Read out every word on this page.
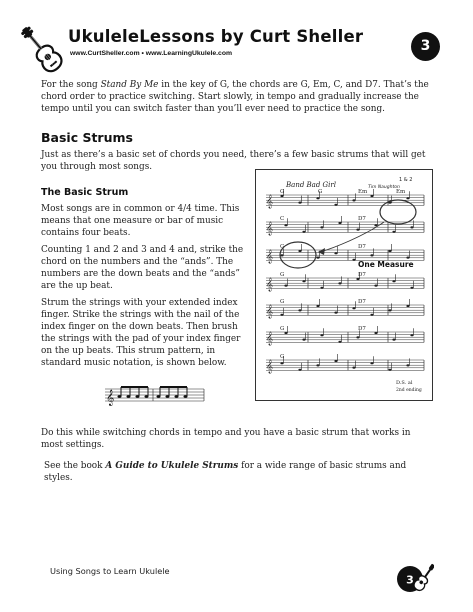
UkuleleLessons by Curt Sheller
www.CurtSheller.com • www.LearningUkulele.com	3

For the song Stand By Me in the key of G, the chords are G, Em, C, and D7. That’s the chord order to practice switching. Start slowly, in tempo and gradually increase the tempo until you can switch faster than you’ll ever need to practice the song.

Basic Strums

Just as there’s a basic set of chords you need, there’s a few basic strums that will get you through most songs.

The Basic Strum

Most songs are in common or 4/4 time. This means that one measure or bar of music contains four beats.

Counting 1 and 2 and 3 and 4 and, strike the chord on the numbers and the “ands”. The numbers are the down beats and the “ands” are the up beat.

Strum the strings with your extended index finger. Strike the strings with the nail of the index finger on the down beats. Then brush the strings with the pad of your index finger on the up beats. This strum pattern, in standard music notation, is shown below.

𝄞
𝄞
G	G	Em	Em
𝄞
C	D7
𝄞
G	D7
𝄞
G	D7
𝄞
G	D7
𝄞
G	D7
𝄞
G
Band Bad Girl
1 & 2
Tim Naughton
One Measure
D.S. al
2nd ending

Do this while switching chords in tempo and you have a basic strum that works in most settings.

See the book A Guide to Ukulele Strums for a wide range of basic strums and styles.

Using Songs to Learn Ukulele
3
